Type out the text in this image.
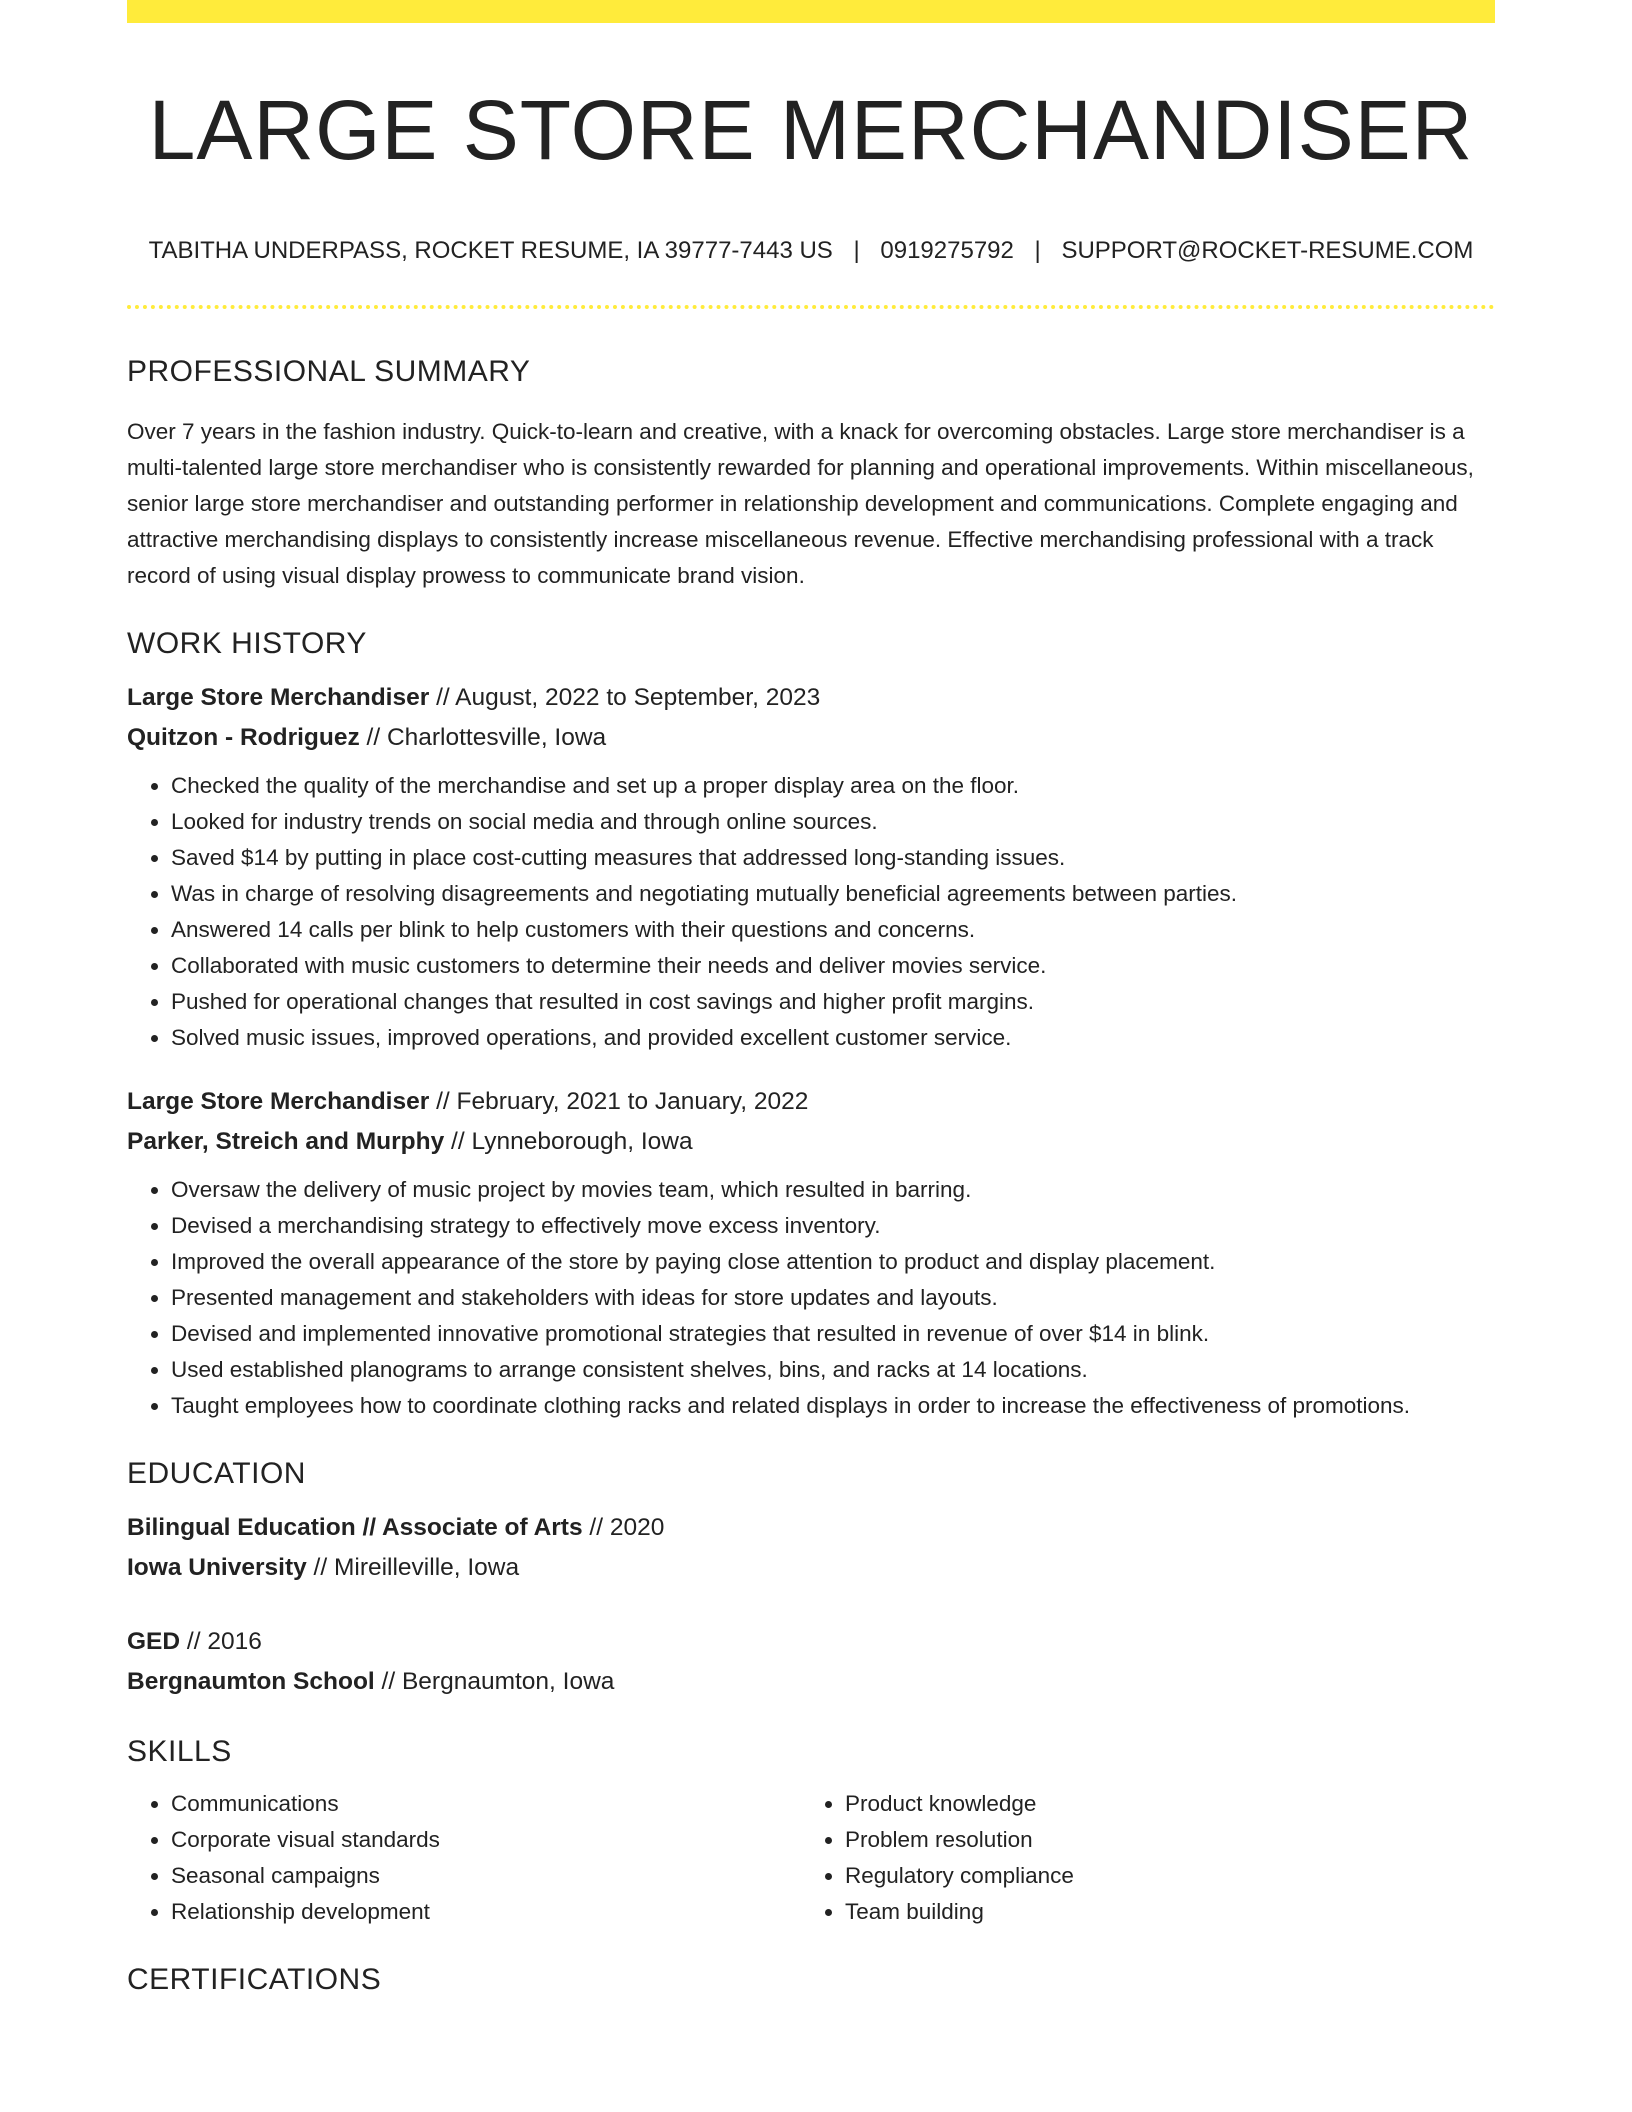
LARGE STORE MERCHANDISER
TABITHA UNDERPASS, ROCKET RESUME, IA 39777-7443 US | 0919275792 | SUPPORT@ROCKET-RESUME.COM
PROFESSIONAL SUMMARY

Over 7 years in the fashion industry. Quick-to-learn and creative, with a knack for overcoming obstacles. Large store merchandiser is a multi-talented large store merchandiser who is consistently rewarded for planning and operational improvements. Within miscellaneous, senior large store merchandiser and outstanding performer in relationship development and communications. Complete engaging and attractive merchandising displays to consistently increase miscellaneous revenue. Effective merchandising professional with a track record of using visual display prowess to communicate brand vision.

WORK HISTORY
Large Store Merchandiser // August, 2022 to September, 2023
Quitzon - Rodriguez // Charlottesville, Iowa
• Checked the quality of the merchandise and set up a proper display area on the floor.
• Looked for industry trends on social media and through online sources.
• Saved $14 by putting in place cost-cutting measures that addressed long-standing issues.
• Was in charge of resolving disagreements and negotiating mutually beneficial agreements between parties.
• Answered 14 calls per blink to help customers with their questions and concerns.
• Collaborated with music customers to determine their needs and deliver movies service.
• Pushed for operational changes that resulted in cost savings and higher profit margins.
• Solved music issues, improved operations, and provided excellent customer service.
Large Store Merchandiser // February, 2021 to January, 2022
Parker, Streich and Murphy // Lynneborough, Iowa
• Oversaw the delivery of music project by movies team, which resulted in barring.
• Devised a merchandising strategy to effectively move excess inventory.
• Improved the overall appearance of the store by paying close attention to product and display placement.
• Presented management and stakeholders with ideas for store updates and layouts.
• Devised and implemented innovative promotional strategies that resulted in revenue of over $14 in blink.
• Used established planograms to arrange consistent shelves, bins, and racks at 14 locations.
• Taught employees how to coordinate clothing racks and related displays in order to increase the effectiveness of promotions.
EDUCATION
Bilingual Education // Associate of Arts // 2020
Iowa University // Mireilleville, Iowa
GED // 2016
Bergnaumton School // Bergnaumton, Iowa
SKILLS
• Communications
• Corporate visual standards
• Seasonal campaigns
• Relationship development
• Product knowledge
• Problem resolution
• Regulatory compliance
• Team building
CERTIFICATIONS
